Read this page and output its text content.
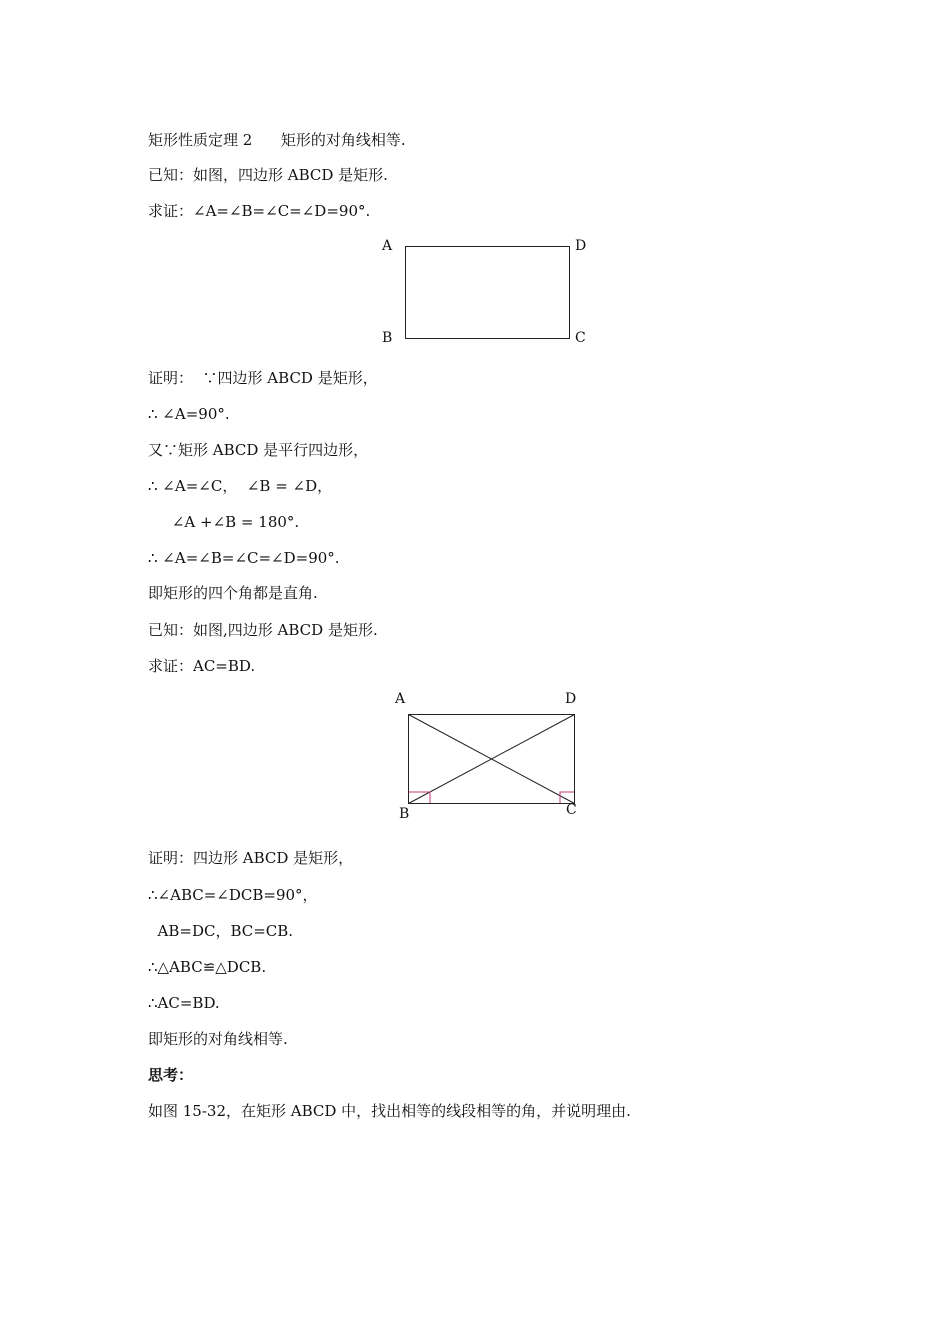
矩形性质定理 2      矩形的对角线相等.
已知：如图，四边形 ABCD 是矩形.
求证：∠A=∠B=∠C=∠D=90°.
A	D
B	C
证明：  ∵四边形 ABCD 是矩形，
∴ ∠A=90°.
又∵矩形 ABCD 是平行四边形，
∴ ∠A=∠C，  ∠B = ∠D，
∠A +∠B = 180°.
∴ ∠A=∠B=∠C=∠D=90°.
即矩形的四个角都是直角.
已知：如图,四边形 ABCD 是矩形.
求证：AC=BD.
A	D
B	C
证明：四边形 ABCD 是矩形，
∴∠ABC=∠DCB=90°，
AB=DC，BC=CB.
∴△ABC≌△DCB.
∴AC=BD.
即矩形的对角线相等.
思考：
如图 15-32，在矩形 ABCD 中，找出相等的线段相等的角，并说明理由.
